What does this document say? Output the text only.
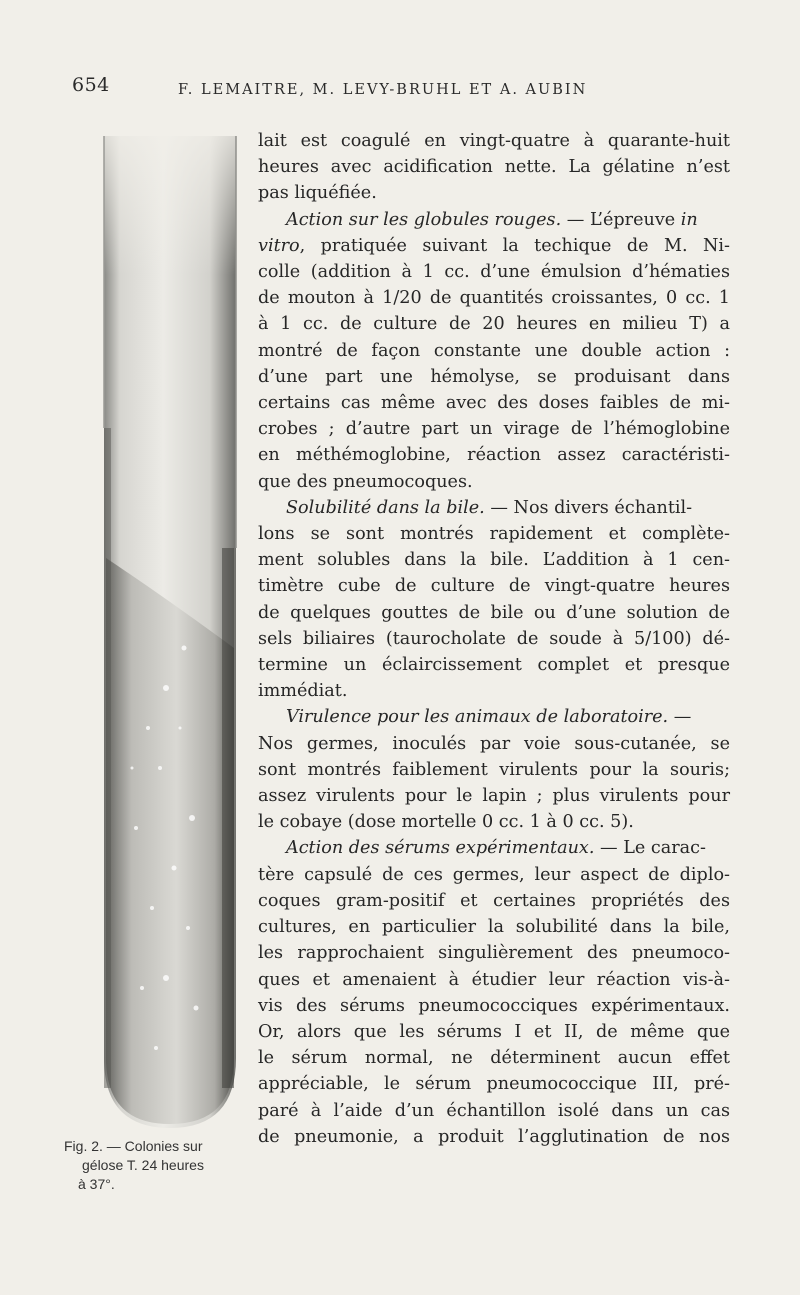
654	F. LEMAITRE, M. LEVY-BRUHL ET A. AUBIN
Fig. 2. — Colonies sur
gélose T. 24 heures
à 37°.
lait est coagulé en vingt-quatre à quarante-huit
heures avec acidification nette. La gélatine n’est
pas liquéfiée.
Action sur les globules rouges. — L’épreuve in
vitro, pratiquée suivant la techique de M. Ni-
colle (addition à 1 cc. d’une émulsion d’hématies
de mouton à 1/20 de quantités croissantes, 0 cc. 1
à 1 cc. de culture de 20 heures en milieu T) a
montré de façon constante une double action :
d’une part une hémolyse, se produisant dans
certains cas même avec des doses faibles de mi-
crobes ; d’autre part un virage de l’hémoglobine
en méthémoglobine, réaction assez caractéristi-
que des pneumocoques.
Solubilité dans la bile. — Nos divers échantil-
lons se sont montrés rapidement et complète-
ment solubles dans la bile. L’addition à 1 cen-
timètre cube de culture de vingt-quatre heures
de quelques gouttes de bile ou d’une solution de
sels biliaires (taurocholate de soude à 5/100) dé-
termine un éclaircissement complet et presque
immédiat.
Virulence pour les animaux de laboratoire. —
Nos germes, inoculés par voie sous-cutanée, se
sont montrés faiblement virulents pour la souris;
assez virulents pour le lapin ; plus virulents pour
le cobaye (dose mortelle 0 cc. 1 à 0 cc. 5).
Action des sérums expérimentaux. — Le carac-
tère capsulé de ces germes, leur aspect de diplo-
coques gram-positif et certaines propriétés des
cultures, en particulier la solubilité dans la bile,
les rapprochaient singulièrement des pneumoco-
ques et amenaient à étudier leur réaction vis-à-
vis des sérums pneumococciques expérimentaux.
Or, alors que les sérums I et II, de même que
le sérum normal, ne déterminent aucun effet
appréciable, le sérum pneumococcique III, pré-
paré à l’aide d’un échantillon isolé dans un cas
de pneumonie, a produit l’agglutination de nos
